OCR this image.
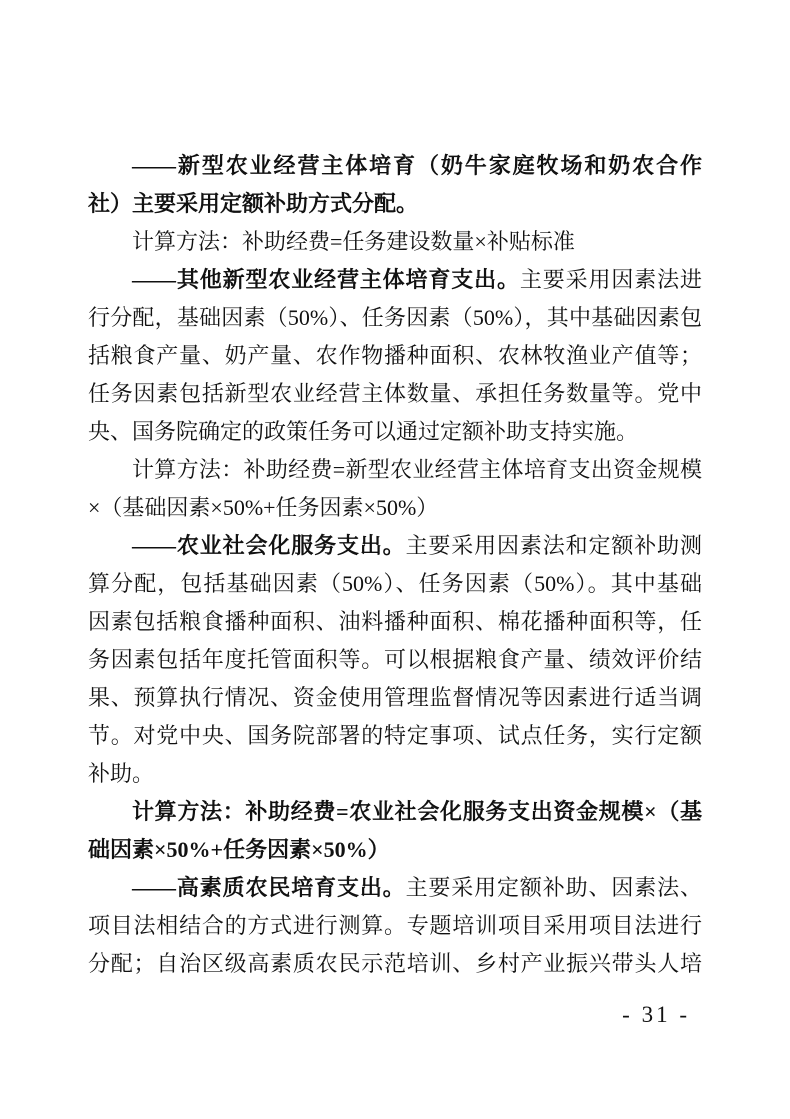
——新型农业经营主体培育（奶牛家庭牧场和奶农合作
社）主要采用定额补助方式分配。
计算方法：补助经费=任务建设数量×补贴标准
——其他新型农业经营主体培育支出。主要采用因素法进
行分配，基础因素（50%）、任务因素（50%），其中基础因素包
括粮食产量、奶产量、农作物播种面积、农林牧渔业产值等；
任务因素包括新型农业经营主体数量、承担任务数量等。党中
央、国务院确定的政策任务可以通过定额补助支持实施。
计算方法：补助经费=新型农业经营主体培育支出资金规模
×（基础因素×50%+任务因素×50%）
——农业社会化服务支出。主要采用因素法和定额补助测
算分配，包括基础因素（50%）、任务因素（50%）。其中基础
因素包括粮食播种面积、油料播种面积、棉花播种面积等，任
务因素包括年度托管面积等。可以根据粮食产量、绩效评价结
果、预算执行情况、资金使用管理监督情况等因素进行适当调
节。对党中央、国务院部署的特定事项、试点任务，实行定额
补助。
计算方法：补助经费=农业社会化服务支出资金规模×（基
础因素×50%+任务因素×50%）
——高素质农民培育支出。主要采用定额补助、因素法、
项目法相结合的方式进行测算。专题培训项目采用项目法进行
分配；自治区级高素质农民示范培训、乡村产业振兴带头人培
- 31 -
